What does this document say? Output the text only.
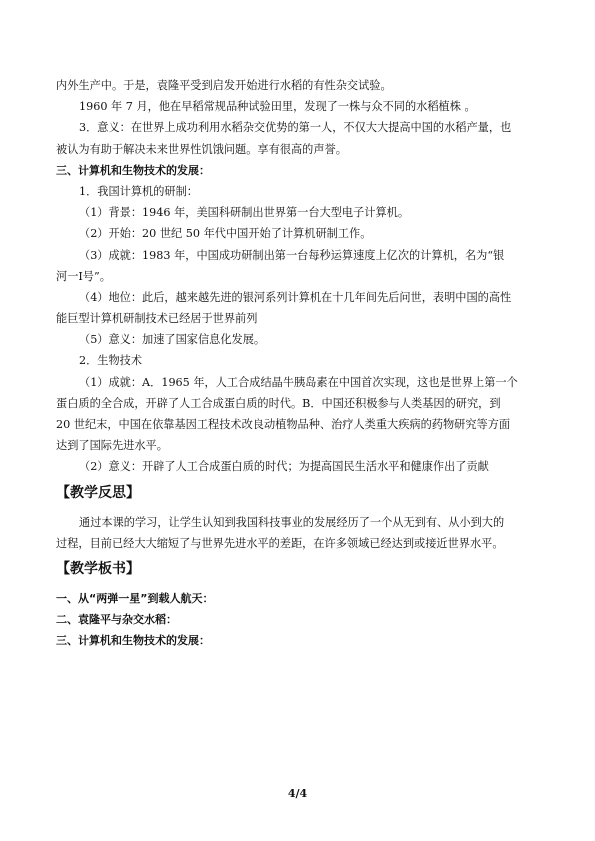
内外生产中。于是，袁隆平受到启发开始进行水稻的有性杂交试验。
1960 年 7 月，他在早稻常规品种试验田里，发现了一株与众不同的水稻植株 。
3．意义：在世界上成功利用水稻杂交优势的第一人，不仅大大提高中国的水稻产量，也
被认为有助于解决未来世界性饥饿问题。享有很高的声誉。
三、计算机和生物技术的发展：
1．我国计算机的研制：
（1）背景：1946 年，美国科研制出世界第一台大型电子计算机。
（2）开始：20 世纪 50 年代中国开始了计算机研制工作。
（3）成就：1983 年，中国成功研制出第一台每秒运算速度上亿次的计算机，名为“银
河一Ⅰ号”。
（4）地位：此后，越来越先进的银河系列计算机在十几年间先后问世，表明中国的高性
能巨型计算机研制技术已经居于世界前列
（5）意义：加速了国家信息化发展。
2．生物技术
（1）成就：A．1965 年，人工合成结晶牛胰岛素在中国首次实现，这也是世界上第一个
蛋白质的全合成，开辟了人工合成蛋白质的时代。B．中国还积极参与人类基因的研究，到
20 世纪末，中国在依靠基因工程技术改良动植物品种、治疗人类重大疾病的药物研究等方面
达到了国际先进水平。
（2）意义：开辟了人工合成蛋白质的时代；为提高国民生活水平和健康作出了贡献
【教学反思】
通过本课的学习，让学生认知到我国科技事业的发展经历了一个从无到有、从小到大的
过程，目前已经大大缩短了与世界先进水平的差距，在许多领域已经达到或接近世界水平。
【教学板书】
一、从“两弹一星”到载人航天：
二、袁隆平与杂交水稻：
三、计算机和生物技术的发展：
4/4
